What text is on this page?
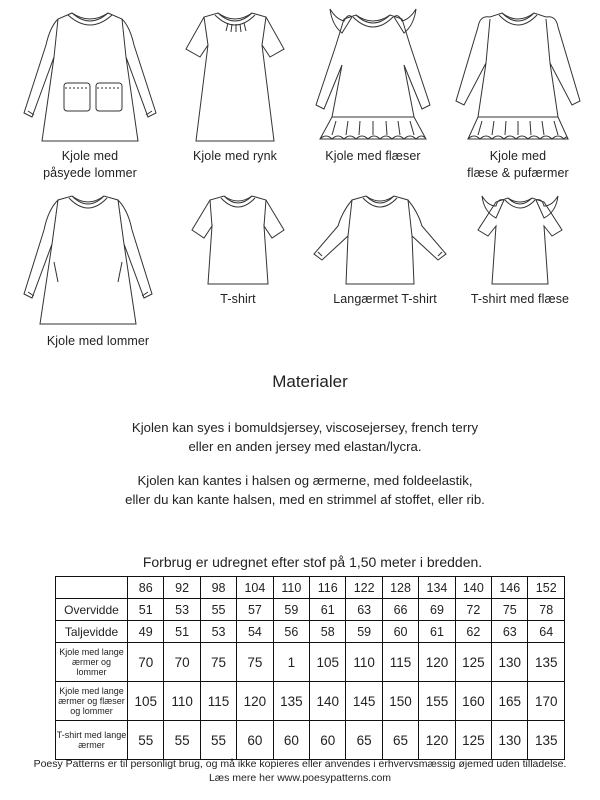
Kjole med
påsyede lommer
Kjole med rynk	Kjole med flæser	Kjole med
flæse & pufærmer
Kjole med lommer
T-shirt	Langærmet T-shirt	T-shirt med flæse
Materialer
Kjolen kan syes i bomuldsjersey, viscosejersey, french terry
eller en anden jersey med elastan/lycra.
Kjolen kan kantes i halsen og ærmerne, med foldeelastik,
eller du kan kante halsen, med en strimmel af stoffet, eller rib.
Forbrug er udregnet efter stof på 1,50 meter i bredden.
	86	92	98	104	110	116	122	128	134	140	146	152
Overvidde	51	53	55	57	59	61	63	66	69	72	75	78
Taljevidde	49	51	53	54	56	58	59	60	61	62	63	64
Kjole med lange ærmer og lommer	70	70	75	75	1	105	110	115	120	125	130	135
Kjole med lange ærmer og flæser og lommer	105	110	115	120	135	140	145	150	155	160	165	170
T-shirt med lange ærmer	55	55	55	60	60	60	65	65	120	125	130	135
Poesy Patterns er til personligt brug, og må ikke kopieres eller anvendes i erhvervsmæssig øjemed uden tilladelse.
Læs mere her www.poesypatterns.com
